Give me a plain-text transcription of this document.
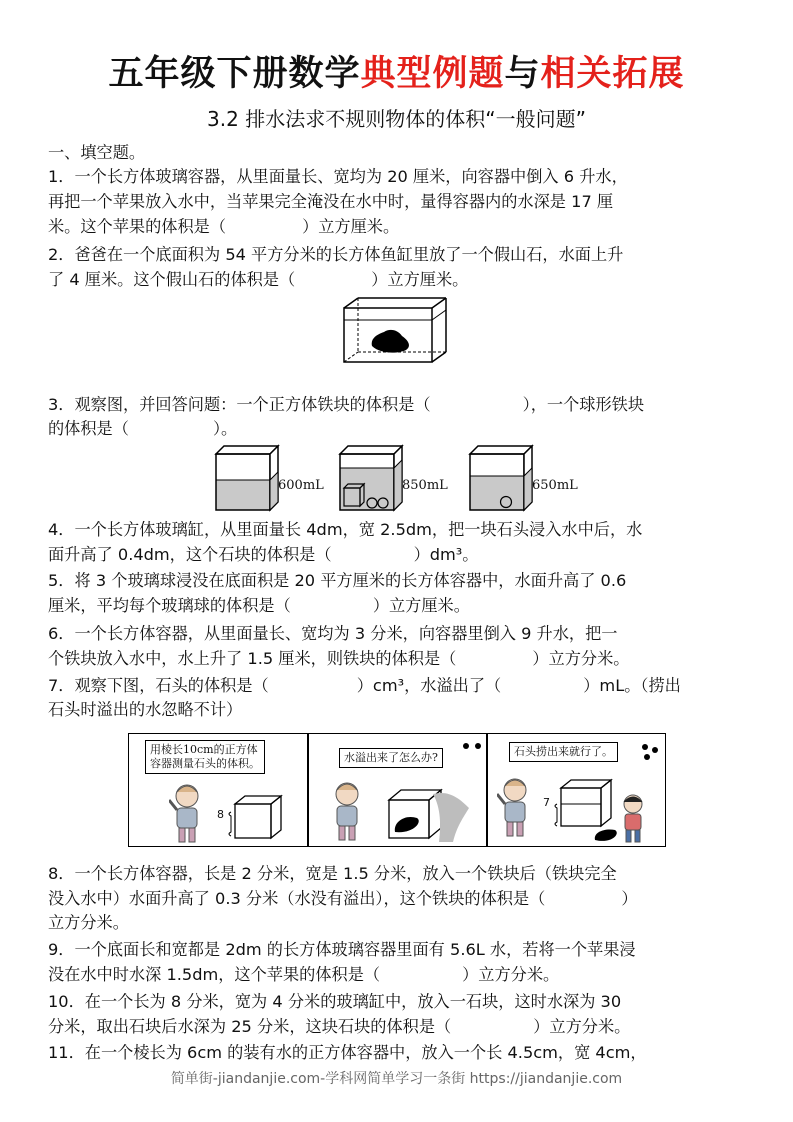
五年级下册数学典型例题与相关拓展
3.2 排水法求不规则物体的体积“一般问题”
一、填空题。
1．一个长方体玻璃容器，从里面量长、宽均为 20 厘米，向容器中倒入 6 升水，
再把一个苹果放入水中，当苹果完全淹没在水中时，量得容器内的水深是 17 厘
米。这个苹果的体积是（	）立方厘米。
2．爸爸在一个底面积为 54 平方分米的长方体鱼缸里放了一个假山石，水面上升
了 4 厘米。这个假山石的体积是（	）立方厘米。
3．观察图，并回答问题：一个正方体铁块的体积是（	），一个球形铁块
的体积是（	）。
600mL	850mL	650mL
4．一个长方体玻璃缸，从里面量长 4dm，宽 2.5dm，把一块石头浸入水中后，水
面升高了 0.4dm，这个石块的体积是（	）dm³。
5．将 3 个玻璃球浸没在底面积是 20 平方厘米的长方体容器中，水面升高了 0.6
厘米，平均每个玻璃球的体积是（	）立方厘米。
6．一个长方体容器，从里面量长、宽均为 3 分米，向容器里倒入 9 升水，把一
个铁块放入水中，水上升了 1.5 厘米，则铁块的体积是（	）立方分米。
7．观察下图，石头的体积是（	）cm³，水溢出了（	）mL。（捞出
石头时溢出的水忽略不计）
用棱长10cm的正方体
容器测量石头的体积。
8
水溢出来了怎么办?	石头捞出来就行了。
7
8．一个长方体容器，长是 2 分米，宽是 1.5 分米，放入一个铁块后（铁块完全
没入水中）水面升高了 0.3 分米（水没有溢出），这个铁块的体积是（	）
立方分米。
9．一个底面长和宽都是 2dm 的长方体玻璃容器里面有 5.6L 水，若将一个苹果浸
没在水中时水深 1.5dm，这个苹果的体积是（	）立方分米。
10．在一个长为 8 分米，宽为 4 分米的玻璃缸中，放入一石块，这时水深为 30
分米，取出石块后水深为 25 分米，这块石块的体积是（	）立方分米。
11．在一个棱长为 6cm 的装有水的正方体容器中，放入一个长 4.5cm，宽 4cm，
简单街-jiandanjie.com-学科网简单学习一条街 https://jiandanjie.com
